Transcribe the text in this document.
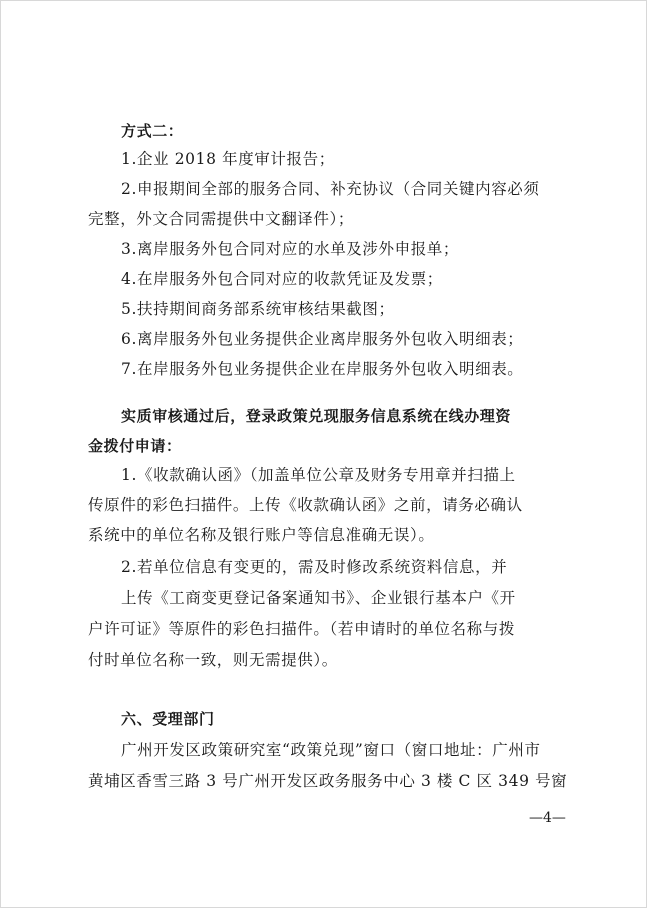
方式二：
1.企业 2018 年度审计报告；
2.申报期间全部的服务合同、补充协议（合同关键内容必须
完整，外文合同需提供中文翻译件）；
3.离岸服务外包合同对应的水单及涉外申报单；
4.在岸服务外包合同对应的收款凭证及发票；
5.扶持期间商务部系统审核结果截图；
6.离岸服务外包业务提供企业离岸服务外包收入明细表；
7.在岸服务外包业务提供企业在岸服务外包收入明细表。
实质审核通过后，登录政策兑现服务信息系统在线办理资
金拨付申请：
1.《收款确认函》（加盖单位公章及财务专用章并扫描上
传原件的彩色扫描件。上传《收款确认函》之前，请务必确认
系统中的单位名称及银行账户等信息准确无误）。
2.若单位信息有变更的，需及时修改系统资料信息，并
上传《工商变更登记备案通知书》、企业银行基本户《开
户许可证》等原件的彩色扫描件。（若申请时的单位名称与拨
付时单位名称一致，则无需提供）。
六、受理部门
广州开发区政策研究室“政策兑现”窗口（窗口地址：广州市
黄埔区香雪三路 3 号广州开发区政务服务中心 3 楼 C 区 349 号窗
—4—
